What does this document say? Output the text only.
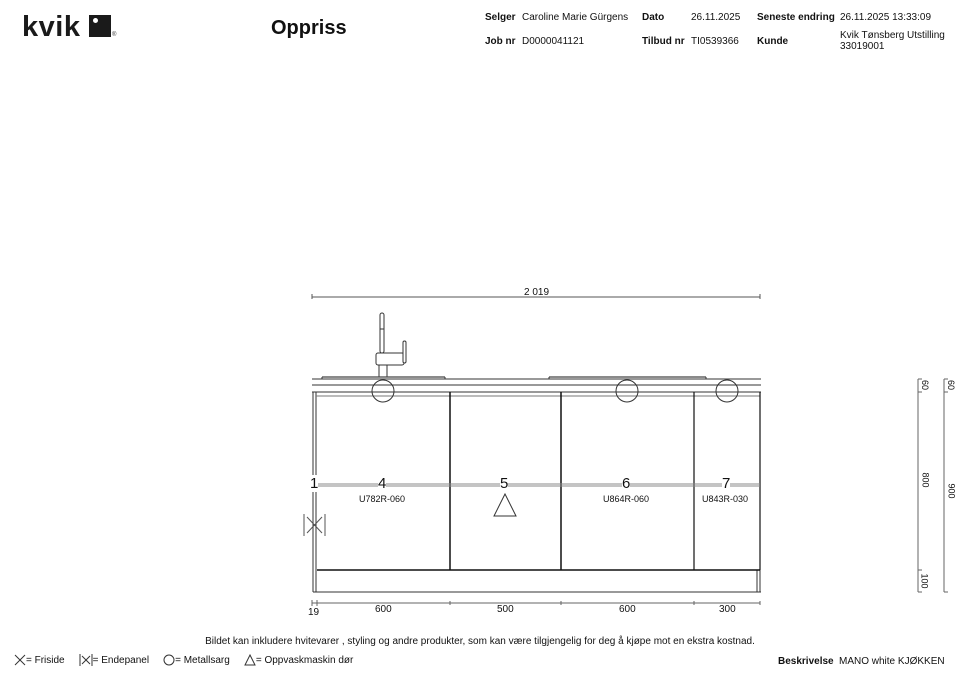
kvik	®	Oppriss	Selger Caroline Marie Gürgens Dato	26.11.2025 Seneste endring 26.11.2025 13:33:09
Job nr D0000041121	Tilbud nr TI0539366 Kunde
Kvik Tønsberg Utstilling
33019001
2 019
1	4
U782R-060
5	6
U864R-060
7
U843R-030
19	600	500	600	300
60
800
100
60
900
Bildet kan inkludere hvitevarer , styling og andre produkter, som kan være tilgjengelig for deg å kjøpe mot en ekstra kostnad.
= Friside	= Endepanel	= Metallsarg	= Oppvaskmaskin dør	Beskrivelse MANO white KJØKKEN
